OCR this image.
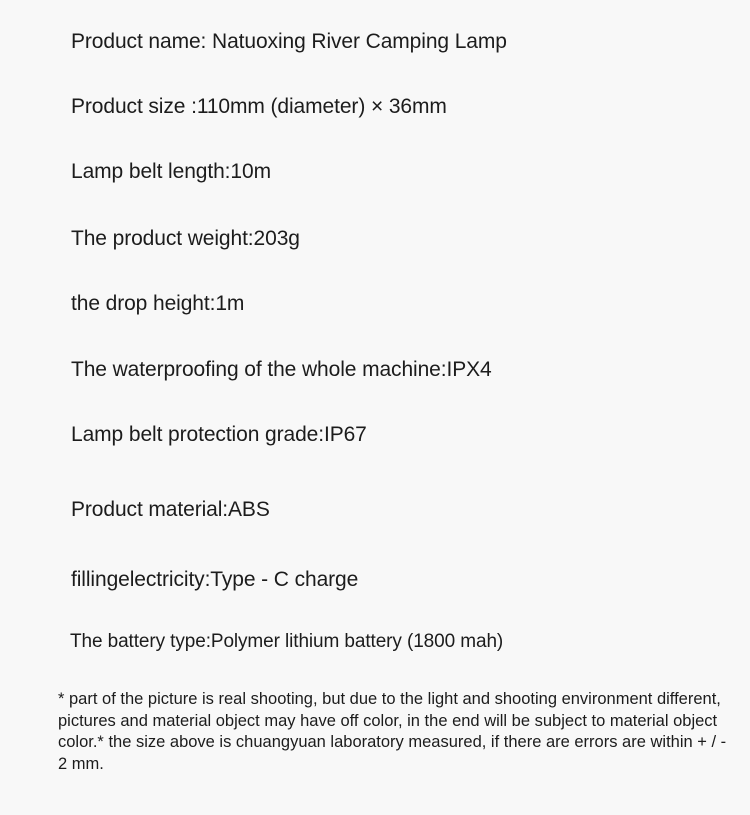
Product name: Natuoxing River Camping Lamp

Product size :110mm (diameter) × 36mm

Lamp belt length:10m

The product weight:203g

the drop height:1m

The waterproofing of the whole machine:IPX4

Lamp belt protection grade:IP67

Product material:ABS

fillingelectricity:Type - C charge

The battery type:Polymer lithium battery (1800 mah)

* part of the picture is real shooting, but due to the light and shooting environment different, pictures and material object may have off color, in the end will be subject to material object color.* the size above is chuangyuan laboratory measured, if there are errors are within + / - 2 mm.
